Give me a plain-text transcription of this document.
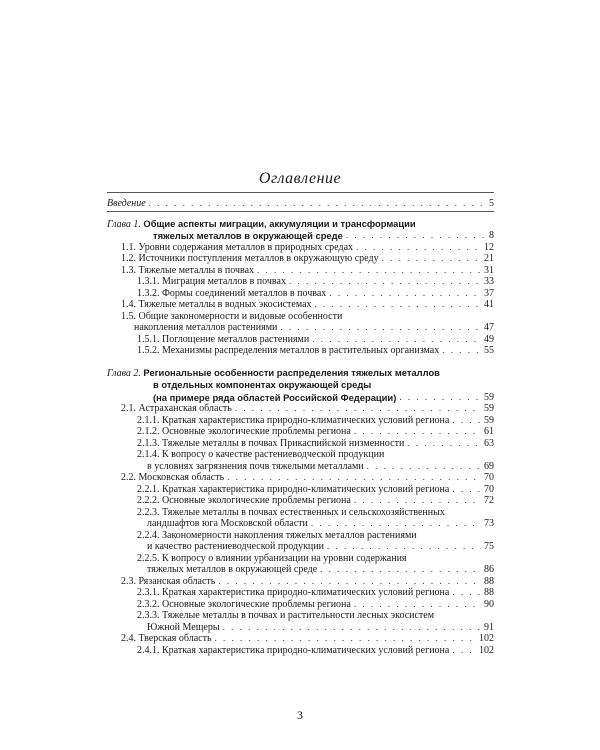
Оглавление
Введение . . .	5
Глава 1. Общие аспекты миграции, аккумуляции и трансформации
тяжелых металлов в окружающей среде . . .	8
1.1. Уровни содержания металлов в природных средах . . .	12
1.2. Источники поступления металлов в окружающую среду . . .	21
1.3. Тяжелые металлы в почвах . . .	31
1.3.1. Миграция металлов в почвах . . .	33
1.3.2. Формы соединений металлов в почвах . . .	37
1.4. Тяжелые металлы в водных экосистемах . . .	41
1.5. Общие закономерности и видовые особенности
накопления металлов растениями . . .	47
1.5.1. Поглощение металлов растениями . . .	49
1.5.2. Механизмы распределения металлов в растительных организмах . . .	55
Глава 2. Региональные особенности распределения тяжелых металлов
в отдельных компонентах окружающей среды
(на примере ряда областей Российской Федерации) . . .	59
2.1. Астраханская область . . .	59
2.1.1. Краткая характеристика природно-климатических условий региона . . .	59
2.1.2. Основные экологические проблемы региона . . .	61
2.1.3. Тяжелые металлы в почвах Прикаспийской низменности . . .	63
2.1.4. К вопросу о качестве растениеводческой продукции
в условиях загрязнения почв тяжелыми металлами . . .	69
2.2. Московская область . . .	70
2.2.1. Краткая характеристика природно-климатических условий региона . . .	70
2.2.2. Основные экологические проблемы региона . . .	72
2.2.3. Тяжелые металлы в почвах естественных и сельскохозяйственных
ландшафтов юга Московской области . . .	73
2.2.4. Закономерности накопления тяжелых металлов растениями
и качество растениеводческой продукции . . .	75
2.2.5. К вопросу о влиянии урбанизации на уровни содержания
тяжелых металлов в окружающей среде . . .	86
2.3. Рязанская область . . .	88
2.3.1. Краткая характеристика природно-климатических условий региона . . .	88
2.3.2. Основные экологические проблемы региона . . .	90
2.3.3. Тяжелые металлы в почвах и растительности лесных экосистем
Южной Мещеры . . .	91
2.4. Тверская область . . .	102
2.4.1. Краткая характеристика природно-климатических условий региона . . .	102
3
